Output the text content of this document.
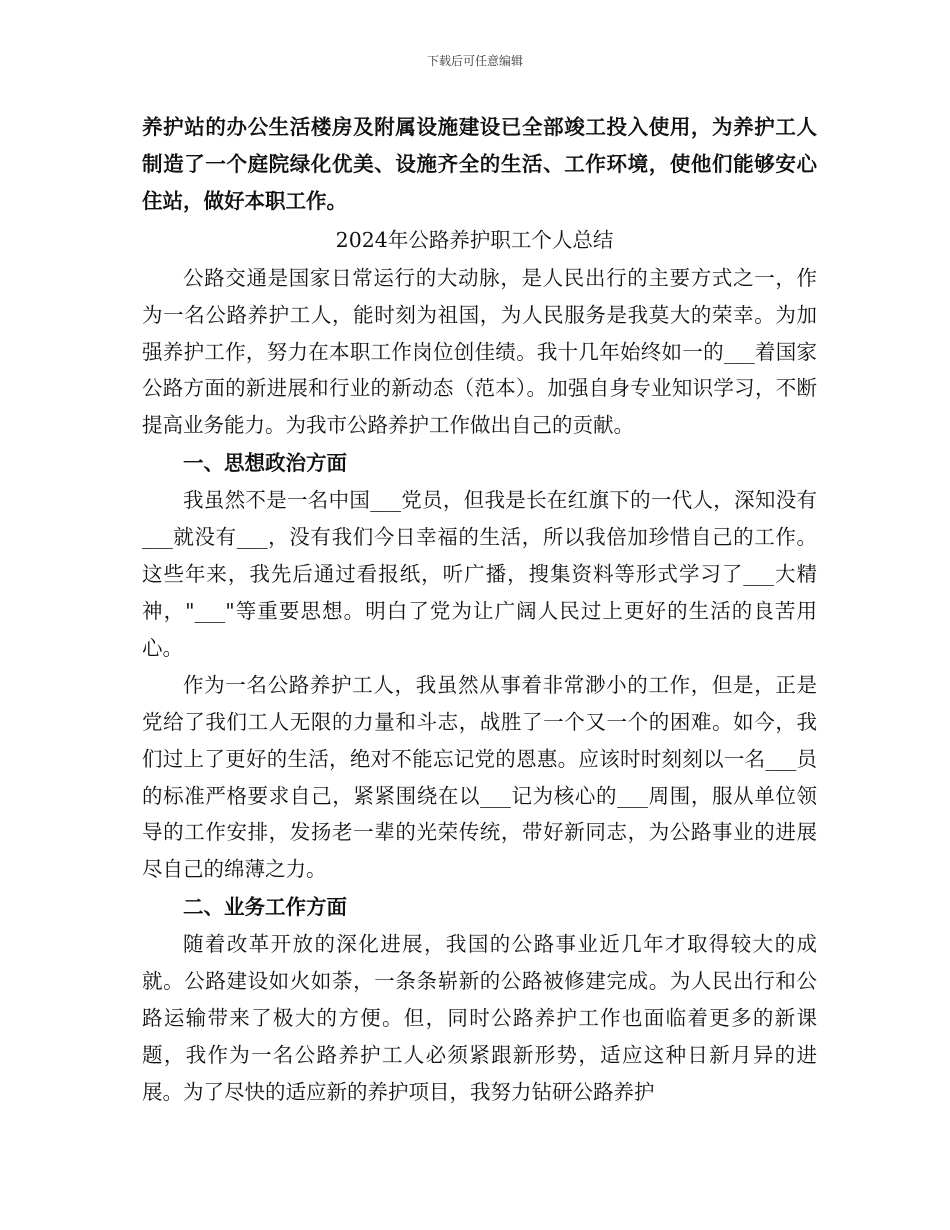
下载后可任意编辑

养护站的办公生活楼房及附属设施建设已全部竣工投入使用，为养护工人制造了一个庭院绿化优美、设施齐全的生活、工作环境，使他们能够安心住站，做好本职工作。

2024年公路养护职工个人总结

公路交通是国家日常运行的大动脉，是人民出行的主要方式之一，作为一名公路养护工人，能时刻为祖国，为人民服务是我莫大的荣幸。为加强养护工作，努力在本职工作岗位创佳绩。我十几年始终如一的___着国家公路方面的新进展和行业的新动态（范本）。加强自身专业知识学习，不断提高业务能力。为我市公路养护工作做出自己的贡献。

一、思想政治方面

我虽然不是一名中国___党员，但我是长在红旗下的一代人，深知没有___就没有___，没有我们今日幸福的生活，所以我倍加珍惜自己的工作。这些年来，我先后通过看报纸，听广播，搜集资料等形式学习了___大精神，"___"等重要思想。明白了党为让广阔人民过上更好的生活的良苦用心。

作为一名公路养护工人，我虽然从事着非常渺小的工作，但是，正是党给了我们工人无限的力量和斗志，战胜了一个又一个的困难。如今，我们过上了更好的生活，绝对不能忘记党的恩惠。应该时时刻刻以一名___员的标准严格要求自己，紧紧围绕在以___记为核心的___周围，服从单位领导的工作安排，发扬老一辈的光荣传统，带好新同志，为公路事业的进展尽自己的绵薄之力。

二、业务工作方面

随着改革开放的深化进展，我国的公路事业近几年才取得较大的成就。公路建设如火如荼，一条条崭新的公路被修建完成。为人民出行和公路运输带来了极大的方便。但，同时公路养护工作也面临着更多的新课题，我作为一名公路养护工人必须紧跟新形势，适应这种日新月异的进展。为了尽快的适应新的养护项目，我努力钻研公路养护
